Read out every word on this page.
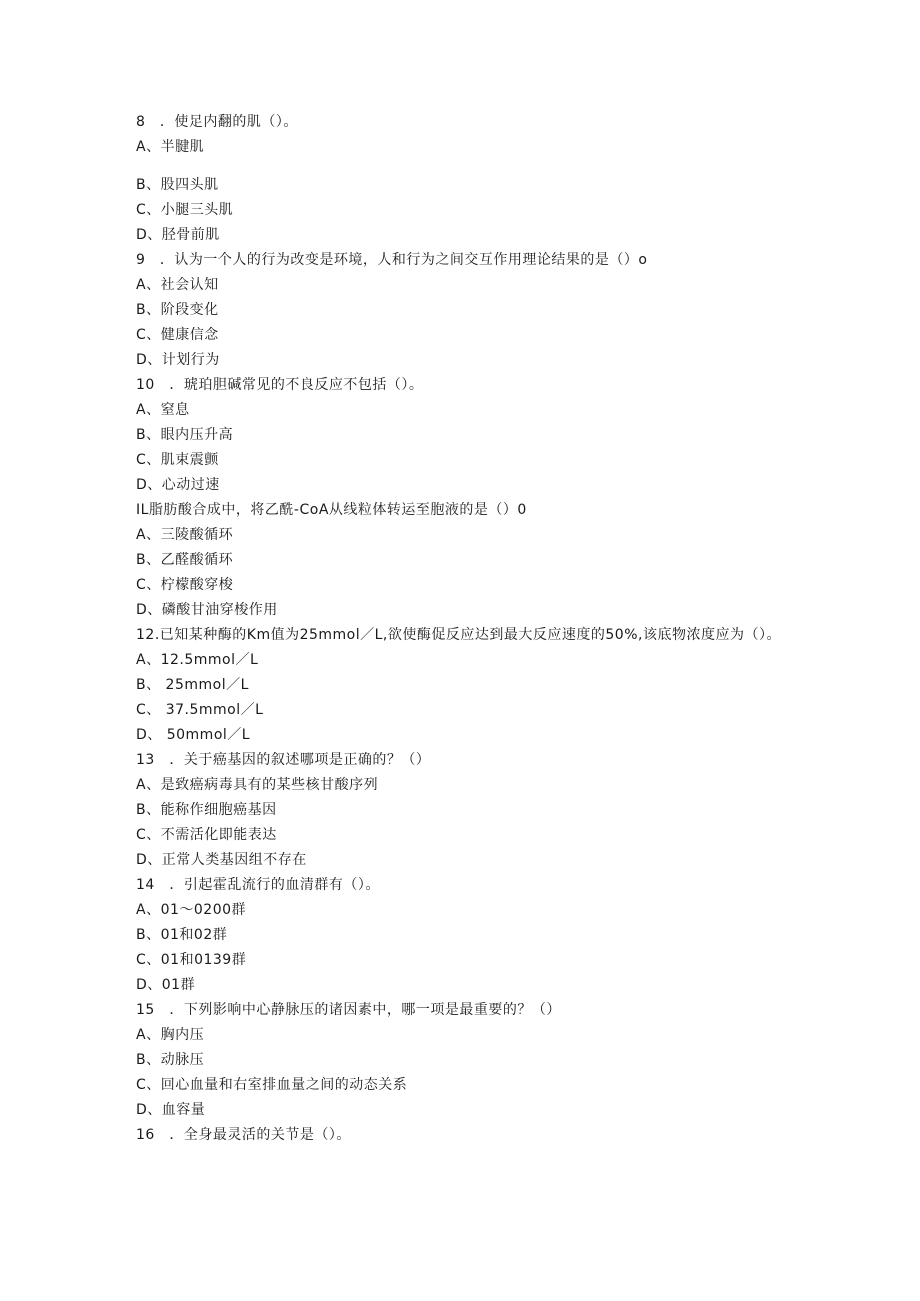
8　．使足内翻的肌（）。
A、半腱肌
B、股四头肌
C、小腿三头肌
D、胫骨前肌
9　．认为一个人的行为改变是环境，人和行为之间交互作用理论结果的是（）o
A、社会认知
B、阶段变化
C、健康信念
D、计划行为
10　．琥珀胆碱常见的不良反应不包括（）。
A、窒息
B、眼内压升高
C、肌束震颤
D、心动过速
IL脂肪酸合成中，将乙酰-CoA从线粒体转运至胞液的是（）0
A、三陵酸循环
B、乙醛酸循环
C、柠檬酸穿梭
D、磷酸甘油穿梭作用
12.已知某种酶的Km值为25mmol／L,欲使酶促反应达到最大反应速度的50%,该底物浓度应为（）。
A、12.5mmol／L
B、 25mmol／L
C、 37.5mmol／L
D、 50mmol／L
13　．关于癌基因的叙述哪项是正确的？（）
A、是致癌病毒具有的某些核甘酸序列
B、能称作细胞癌基因
C、不需活化即能表达
D、正常人类基因组不存在
14　．引起霍乱流行的血清群有（）。
A、01～0200群
B、01和02群
C、01和0139群
D、01群
15　．下列影响中心静脉压的诸因素中，哪一项是最重要的？（）
A、胸内压
B、动脉压
C、回心血量和右室排血量之间的动态关系
D、血容量
16　．全身最灵活的关节是（）。
